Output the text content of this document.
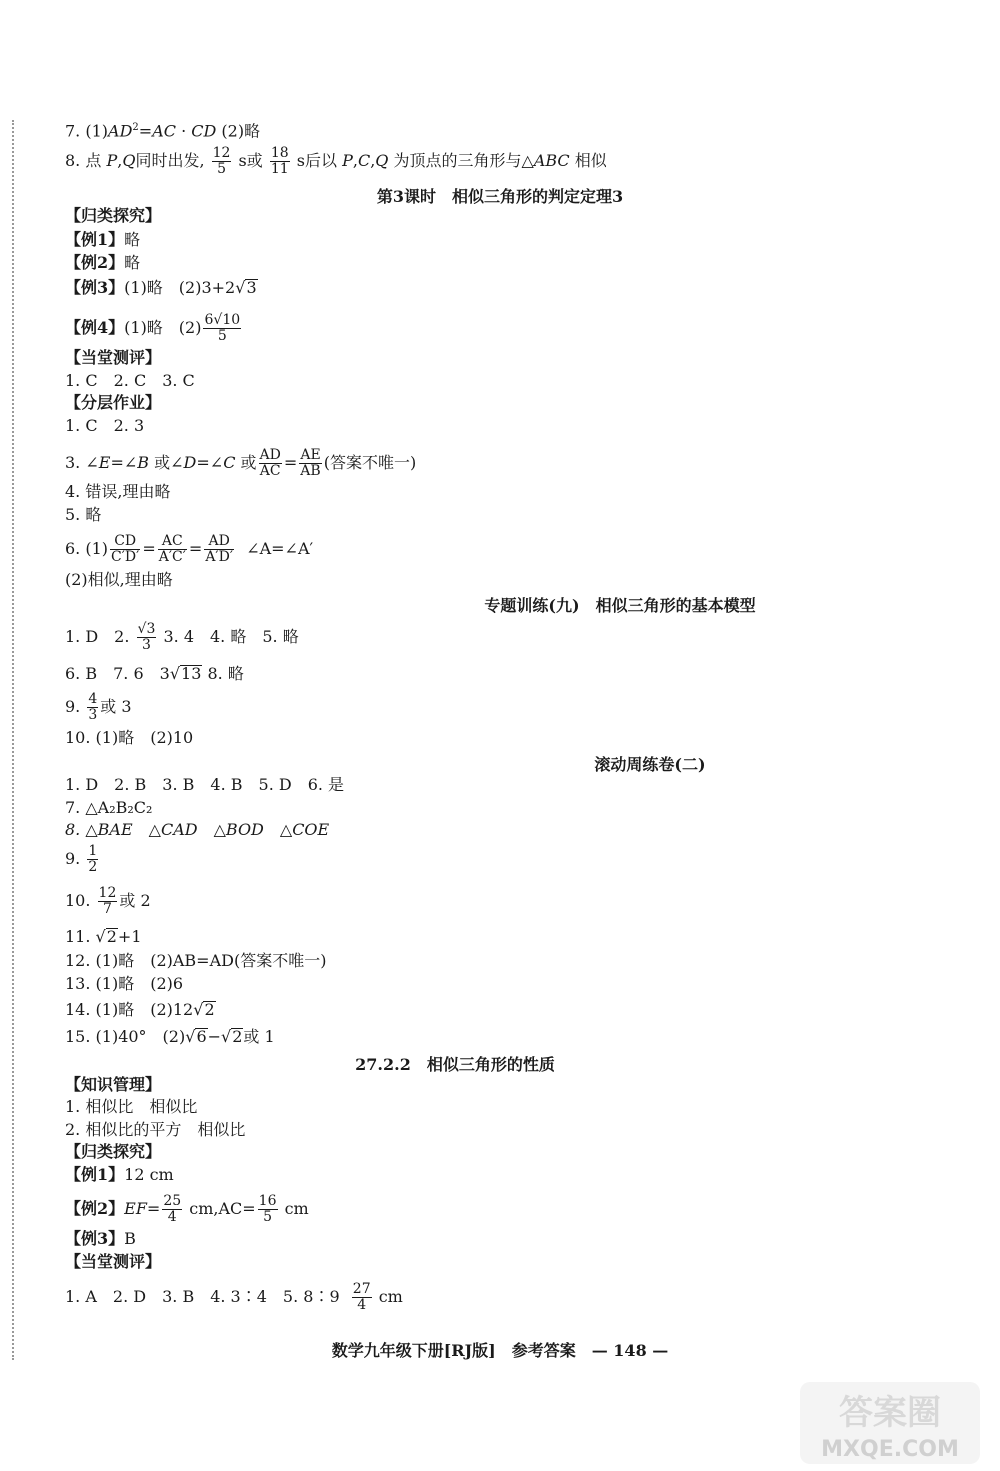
7. $(1)AD^2=AC$ · CD (2)略
8. 点 P,Q同时出发, $\frac{12}{5}$ s或 $\frac{18}{11}$ s后以 P,C,Q 为顶点的三角形与△ABC 相似
第3课时　相似三角形的判定定理3
【归类探究】
【例1】略
【例2】略
【例3】(1)略　(2)3+2√3
【例4】(1)略　$(2) \frac{6√10}{5}$
【当堂测评】
1. C　2. C　3. C
【分层作业】
1. C　2. 3
3. ∠E=∠B 或∠D=∠C 或 $\frac{AD}{AC} = \frac{AE}{AB}$ (答案不唯一)
4. 错误,理由略
5. 略
6. $(1) \frac{CD}{C'D'} = \frac{AC}{A'C'} = \frac{AD}{A'D'}$ ∠A=∠A′
(2)相似,理由略
专题训练(九)　相似三角形的基本模型
1. D　2. $\frac{√3}{3} 3$. 4　4. 略　5. 略
6. B　7. 6　3√13 8. 略
9. $\frac{4}{3}$ 或 3
10. (1)略　(2)10
滚动周练卷(二)
1. D　2. B　3. B　4. B　5. D　6. 是
7. △A₂B₂C₂
8. △BAE　△CAD　△BOD　△COE
9. $\frac{1}{2}$
10. $\frac{12}{7}$ 或 2
11. √2+1
12. (1)略　(2)AB=AD(答案不唯一)
13. (1)略　(2)6
14. (1)略　(2)12√2
15. (1)40°　(2)√6−√2或 1
27.2.2　相似三角形的性质
【知识管理】
1. 相似比　相似比
2. 相似比的平方　相似比
【归类探究】
【例1】12 cm
【例2】$EF= \frac{25}{4} cm,AC= \frac{16}{5}$ cm
【例3】B
【当堂测评】
1. A　2. D　3. B　4. 3∶4　5. 8∶9 $\frac{27}{4}$ cm
数学九年级下册[RJ版]　参考答案　— 148 —
答案圈
MXQE.COM
